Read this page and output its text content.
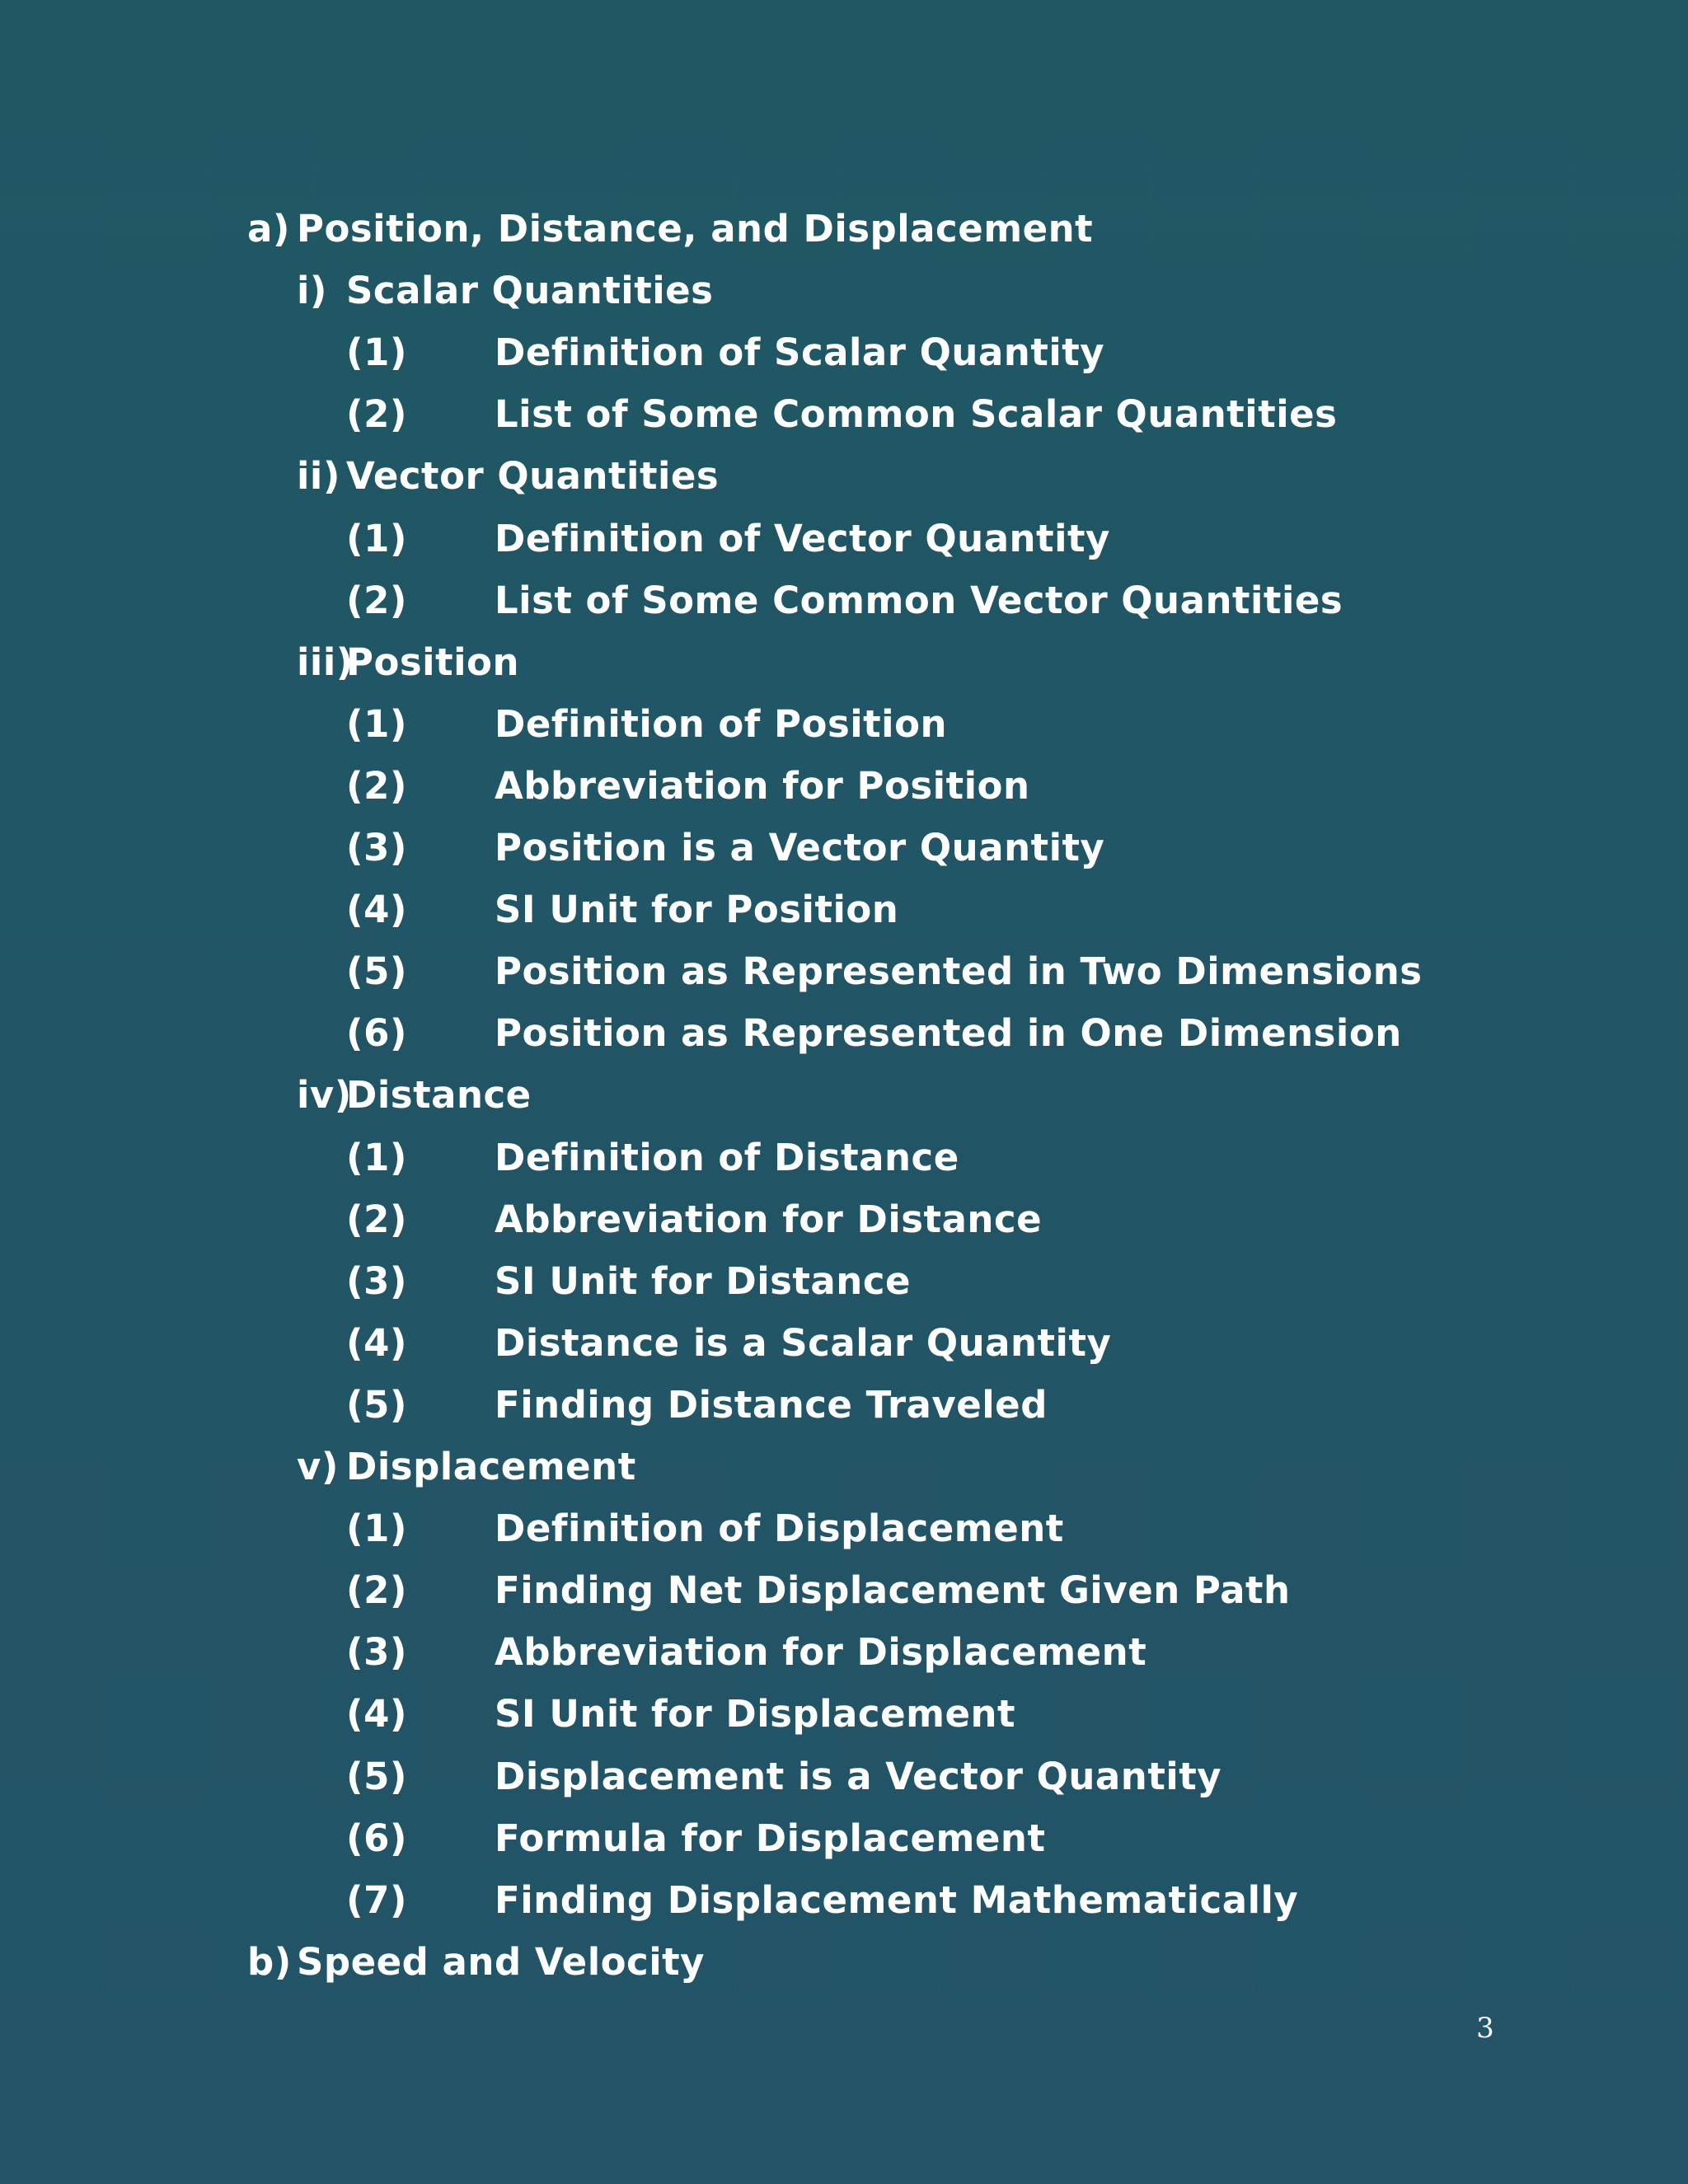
a) Position, Distance, and Displacement
i) Scalar Quantities
(1) Definition of Scalar Quantity
(2) List of Some Common Scalar Quantities
ii) Vector Quantities
(1) Definition of Vector Quantity
(2) List of Some Common Vector Quantities
iii)Position
(1) Definition of Position
(2) Abbreviation for Position
(3) Position is a Vector Quantity
(4) SI Unit for Position
(5) Position as Represented in Two Dimensions
(6) Position as Represented in One Dimension
iv)Distance
(1) Definition of Distance
(2) Abbreviation for Distance
(3) SI Unit for Distance
(4) Distance is a Scalar Quantity
(5) Finding Distance Traveled
v) Displacement
(1) Definition of Displacement
(2) Finding Net Displacement Given Path
(3) Abbreviation for Displacement
(4) SI Unit for Displacement
(5) Displacement is a Vector Quantity
(6) Formula for Displacement
(7) Finding Displacement Mathematically
b) Speed and Velocity
3
